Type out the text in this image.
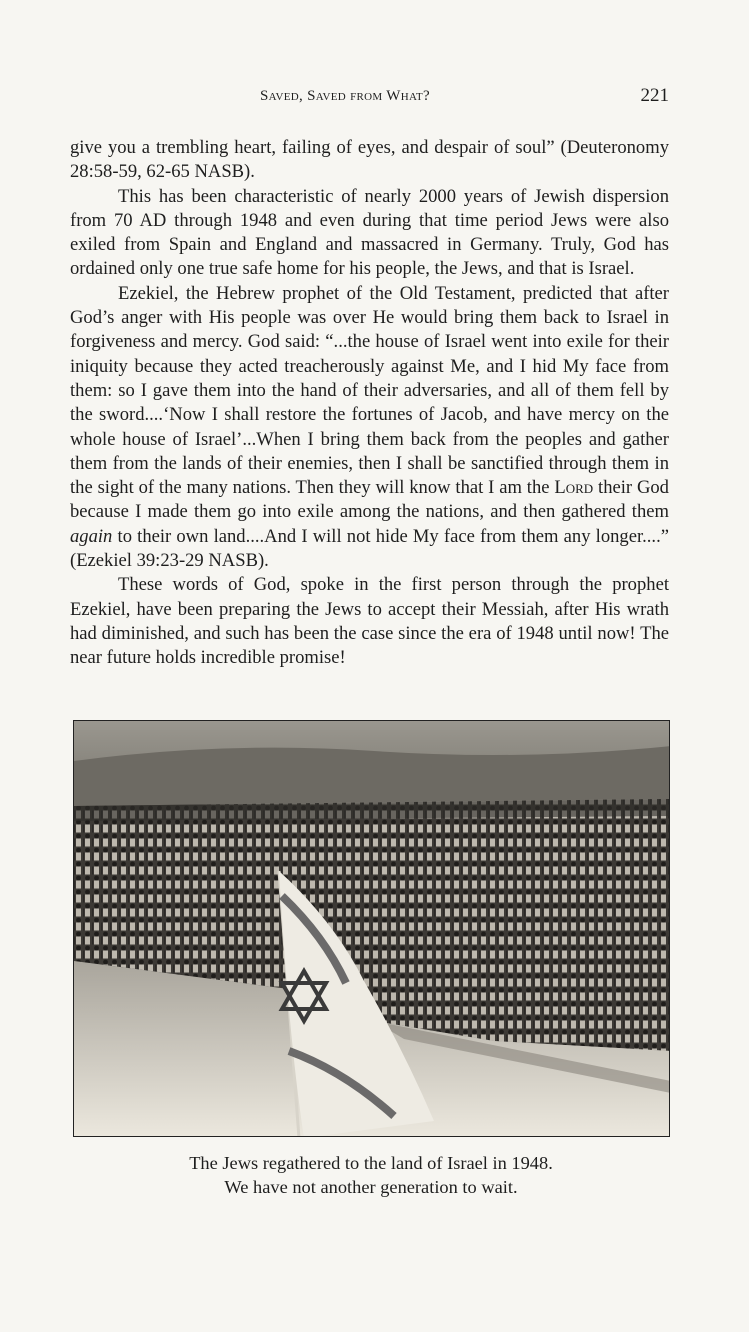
Saved, Saved from What?	221

give you a trembling heart, failing of eyes, and despair of soul” (Deuteronomy 28:58-59, 62-65 NASB).

This has been characteristic of nearly 2000 years of Jewish dispersion from 70 AD through 1948 and even during that time period Jews were also exiled from Spain and England and massacred in Germany. Truly, God has ordained only one true safe home for his people, the Jews, and that is Israel.

Ezekiel, the Hebrew prophet of the Old Testament, predicted that after God’s anger with His people was over He would bring them back to Israel in forgiveness and mercy. God said: “...the house of Israel went into exile for their iniquity because they acted treacherously against Me, and I hid My face from them: so I gave them into the hand of their adversaries, and all of them fell by the sword....‘Now I shall restore the fortunes of Jacob, and have mercy on the whole house of Israel’...When I bring them back from the peoples and gather them from the lands of their enemies, then I shall be sanctified through them in the sight of the many nations. Then they will know that I am the Lord their God because I made them go into exile among the nations, and then gathered them again to their own land....And I will not hide My face from them any longer....” (Ezekiel 39:23-29 NASB).

These words of God, spoke in the first person through the prophet Ezekiel, have been preparing the Jews to accept their Messiah, after His wrath had diminished, and such has been the case since the era of 1948 until now! The near future holds incredible promise!

The Jews regathered to the land of Israel in 1948.
We have not another generation to wait.
